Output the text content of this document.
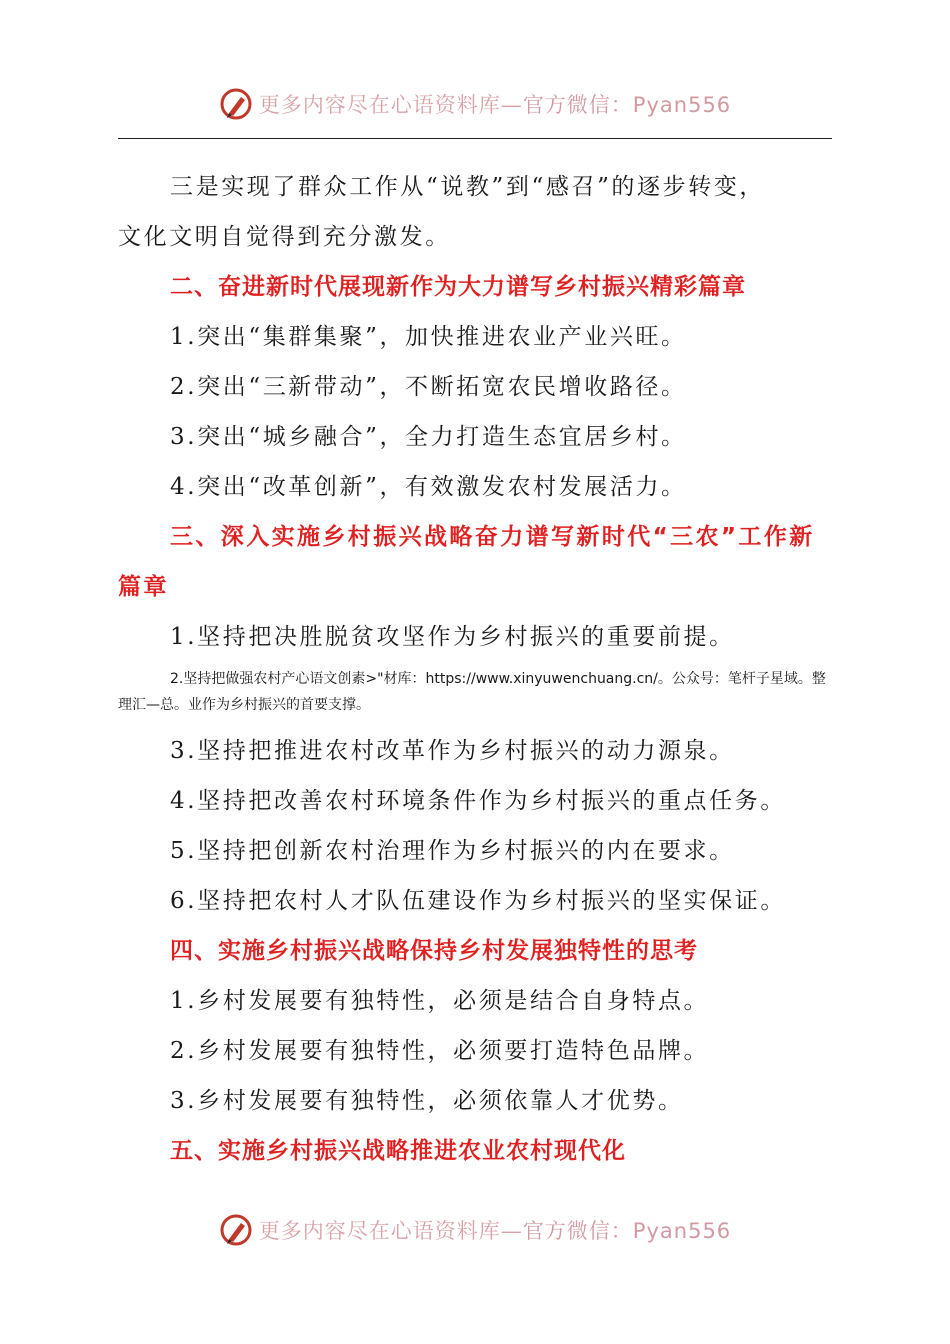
更多内容尽在心语资料库—官方微信：Pyan556
三是实现了群众工作从“说教”到“感召”的逐步转变，
文化文明自觉得到充分激发。
二、奋进新时代展现新作为大力谱写乡村振兴精彩篇章
1.突出“集群集聚”，加快推进农业产业兴旺。
2.突出“三新带动”，不断拓宽农民增收路径。
3.突出“城乡融合”，全力打造生态宜居乡村。
4.突出“改革创新”，有效激发农村发展活力。
三、深入实施乡村振兴战略奋力谱写新时代“三农”工作新篇章
1.坚持把决胜脱贫攻坚作为乡村振兴的重要前提。
2.坚持把做强农村产心语文创素>"材库：https://www.xinyuwenchuang.cn/。公众号：笔杆子星域。整理汇—总。业作为乡村振兴的首要支撑。
3.坚持把推进农村改革作为乡村振兴的动力源泉。
4.坚持把改善农村环境条件作为乡村振兴的重点任务。
5.坚持把创新农村治理作为乡村振兴的内在要求。
6.坚持把农村人才队伍建设作为乡村振兴的坚实保证。
四、实施乡村振兴战略保持乡村发展独特性的思考
1.乡村发展要有独特性，必须是结合自身特点。
2.乡村发展要有独特性，必须要打造特色品牌。
3.乡村发展要有独特性，必须依靠人才优势。
五、实施乡村振兴战略推进农业农村现代化
更多内容尽在心语资料库—官方微信：Pyan556
